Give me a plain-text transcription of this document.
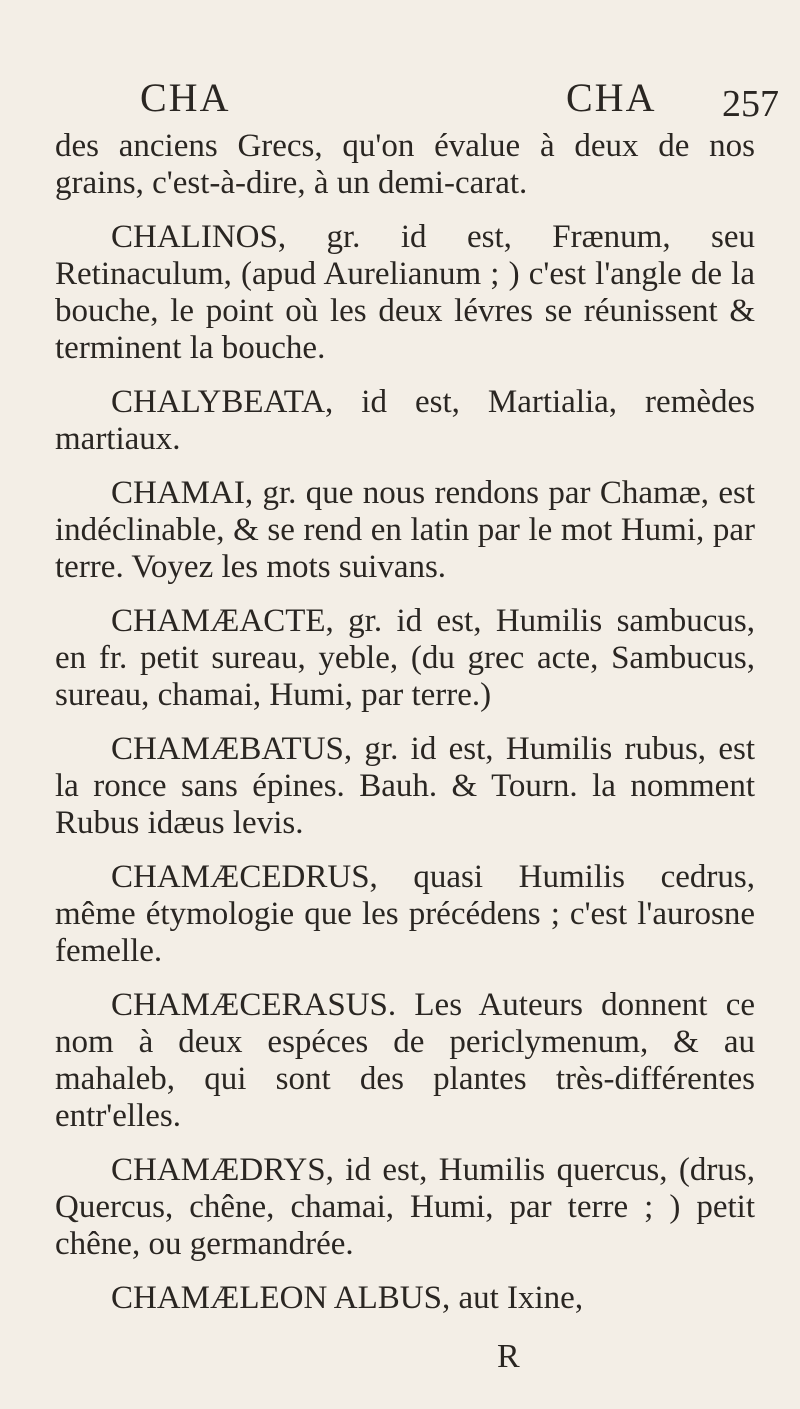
CHA	CHA 257

des anciens Grecs, qu'on évalue à deux de nos grains, c'est-à-dire, à un demi-carat.

CHALINOS, gr. id est, Frænum, seu Retinaculum, (apud Aurelianum ; ) c'est l'angle de la bouche, le point où les deux lévres se réunissent & terminent la bouche.

CHALYBEATA, id est, Martialia, remèdes martiaux.

CHAMAI, gr. que nous rendons par Chamæ, est indéclinable, & se rend en latin par le mot Humi, par terre. Voyez les mots suivans.

CHAMÆACTE, gr. id est, Humilis sambucus, en fr. petit sureau, yeble, (du grec acte, Sambucus, sureau, chamai, Humi, par terre.)

CHAMÆBATUS, gr. id est, Humilis rubus, est la ronce sans épines. Bauh. & Tourn. la nomment Rubus idæus levis.

CHAMÆCEDRUS, quasi Humilis cedrus, même étymologie que les précédens ; c'est l'aurosne femelle.

CHAMÆCERASUS. Les Auteurs donnent ce nom à deux espéces de periclymenum, & au mahaleb, qui sont des plantes très-différentes entr'elles.

CHAMÆDRYS, id est, Humilis quercus, (drus, Quercus, chêne, chamai, Humi, par terre ; ) petit chêne, ou germandrée.

CHAMÆLEON ALBUS, aut Ixine,

R
